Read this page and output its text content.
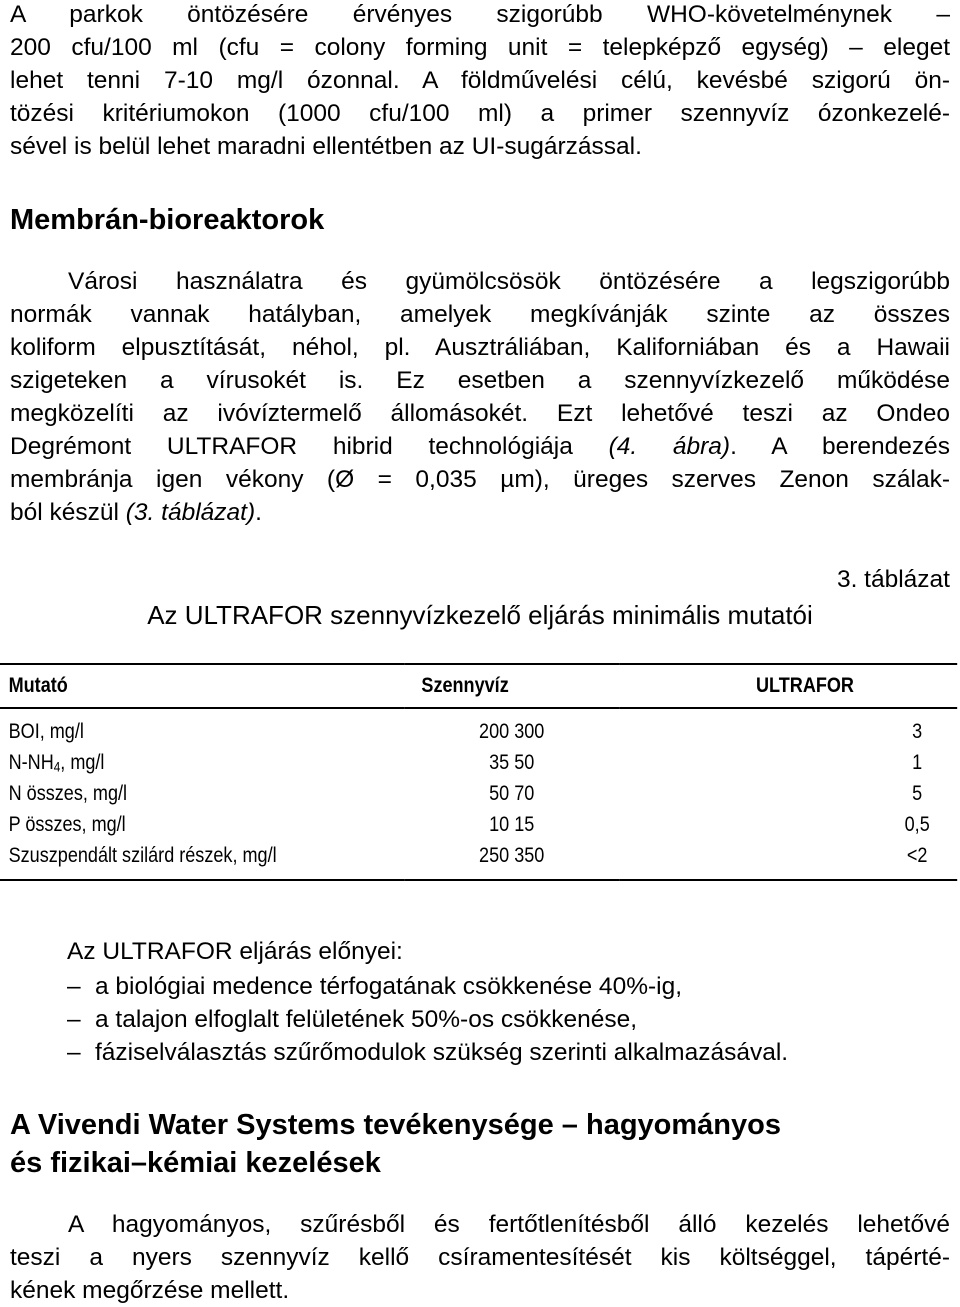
A parkok öntözésére érvényes szigorúbb WHO-követelménynek –
200 cfu/100 ml (cfu = colony forming unit = telepképző egység) – eleget
lehet tenni 7-10 mg/l ózonnal. A földművelési célú, kevésbé szigorú ön-
tözési kritériumokon (1000 cfu/100 ml) a primer szennyvíz ózonkezelé-
sével is belül lehet maradni ellentétben az UI-sugárzással.
Membrán-bioreaktorok
Városi használatra és gyümölcsösök öntözésére a legszigorúbb
normák vannak hatályban, amelyek megkívánják szinte az összes
koliform elpusztítását, néhol, pl. Ausztráliában, Kaliforniában és a Hawaii
szigeteken a vírusokét is. Ez esetben a szennyvízkezelő működése
megközelíti az ivóvíztermelő állomásokét. Ezt lehetővé teszi az Ondeo
Degrémont ULTRAFOR hibrid technológiája (4. ábra). A berendezés
membránja igen vékony (Ø = 0,035 µm), üreges szerves Zenon szálak-
ból készül (3. táblázat).
3. táblázat
Az ULTRAFOR szennyvízkezelő eljárás minimális mutatói
Mutató	Szennyvíz	ULTRAFOR
BOI, mg/l	200 300	3
$N-NH_4$, mg/l	35 50	1
N összes, mg/l	50 70	5
P összes, mg/l	10 15	0,5
Szuszpendált szilárd részek, mg/l	250 350	<2
Az ULTRAFOR eljárás előnyei:
– a biológiai medence térfogatának csökkenése 40%-ig,
– a talajon elfoglalt felületének 50%-os csökkenése,
– fáziselválasztás szűrőmodulok szükség szerinti alkalmazásával.
A Vivendi Water Systems tevékenysége – hagyományos
és fizikai–kémiai kezelések
A hagyományos, szűrésből és fertőtlenítésből álló kezelés lehetővé
teszi a nyers szennyvíz kellő csíramentesítését kis költséggel, tápérté-
kének megőrzése mellett.
